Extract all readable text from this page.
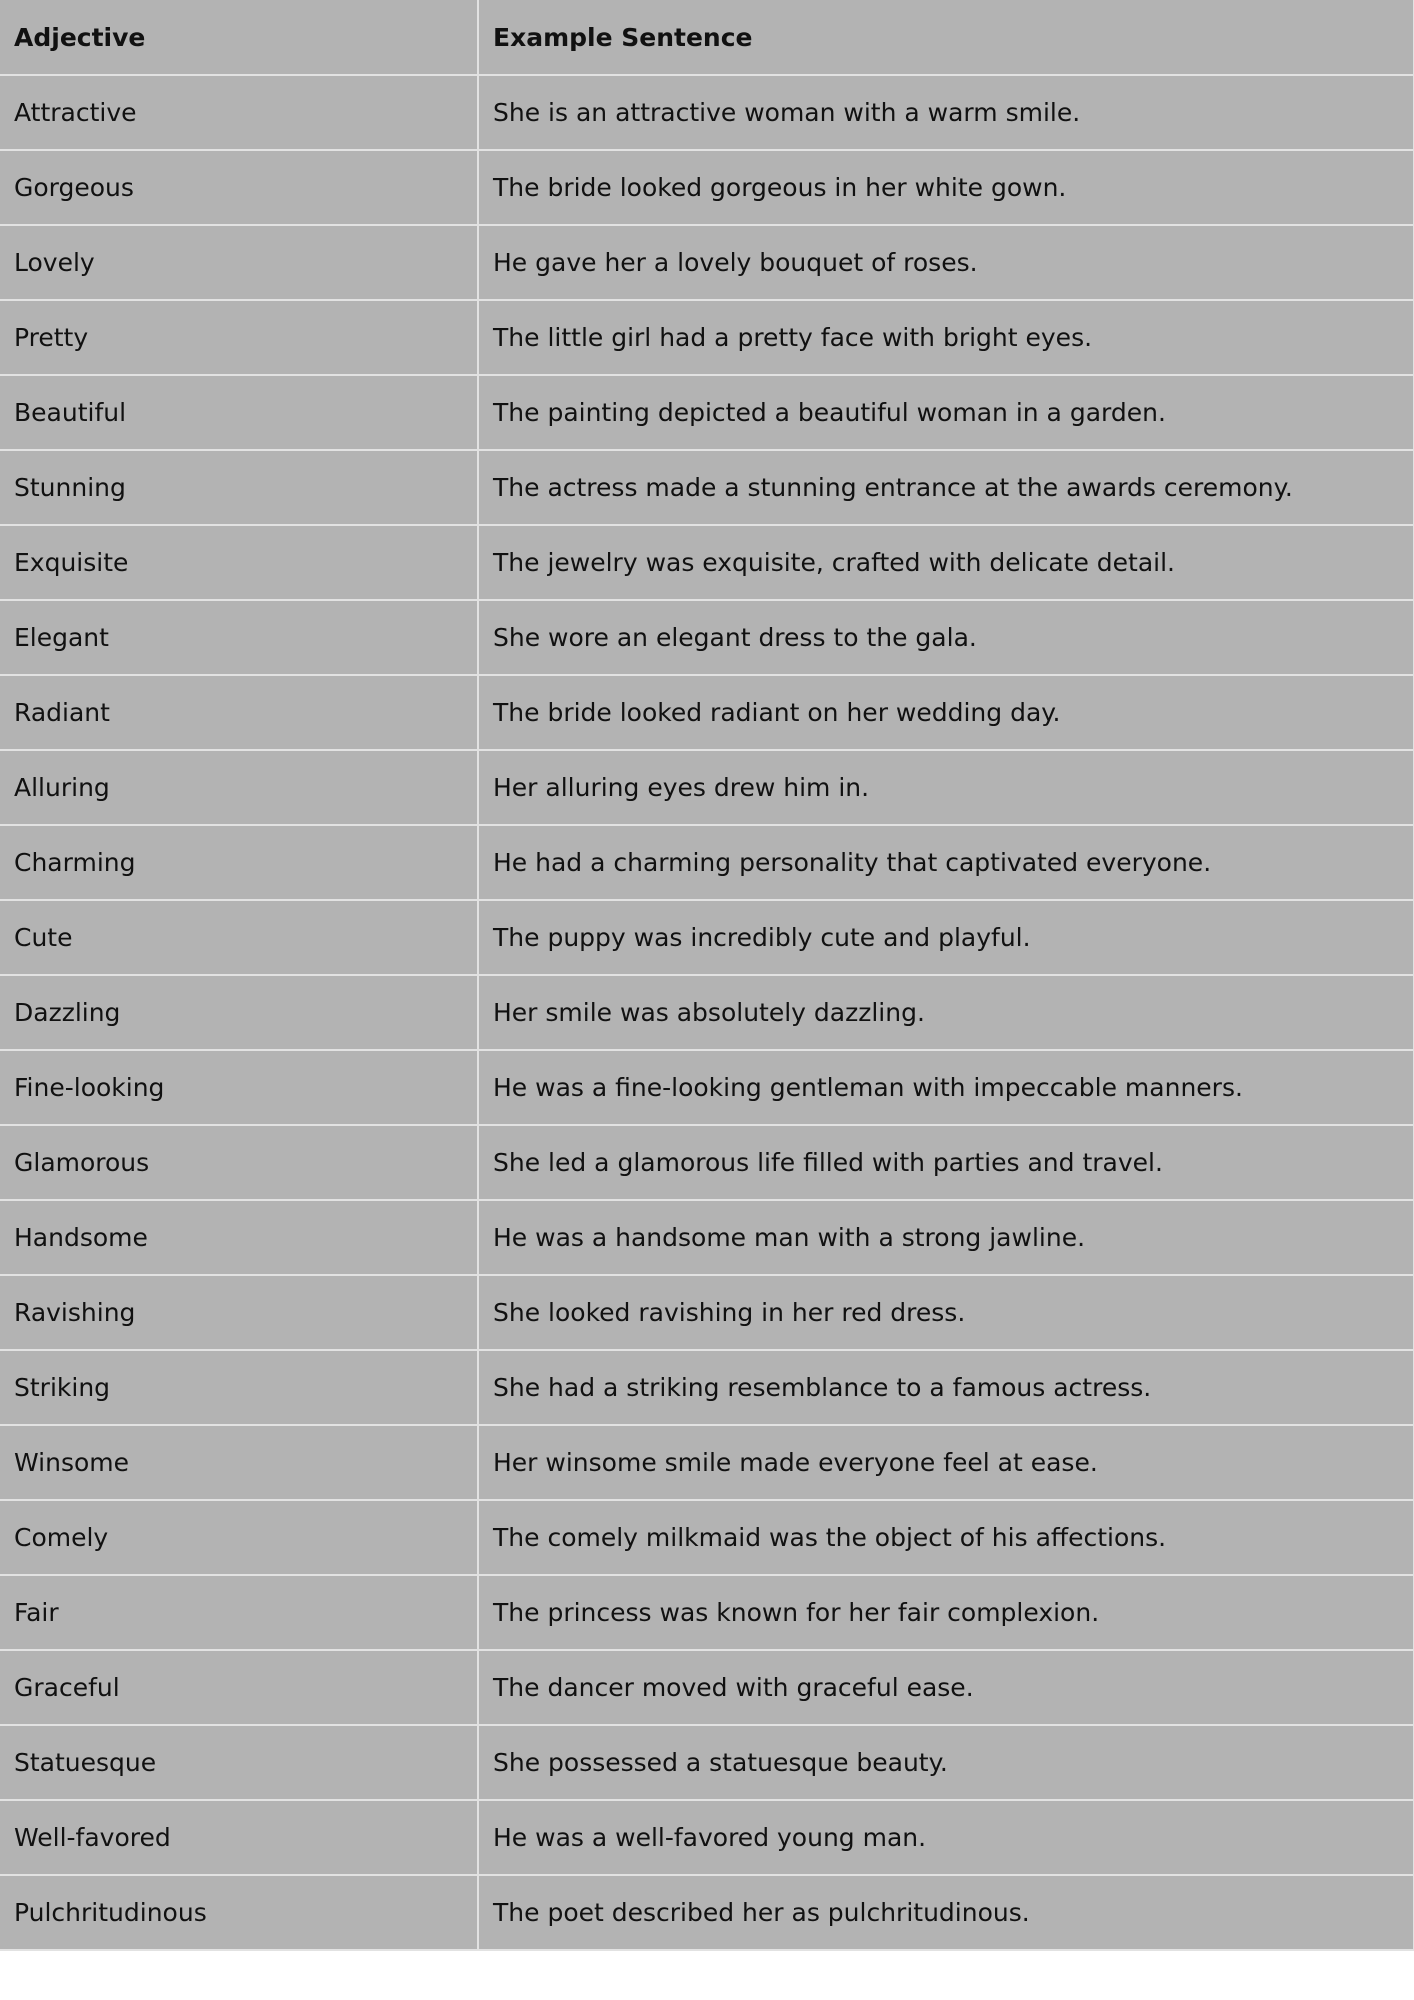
Adjective	Example Sentence
Attractive	She is an attractive woman with a warm smile.
Gorgeous	The bride looked gorgeous in her white gown.
Lovely	He gave her a lovely bouquet of roses.
Pretty	The little girl had a pretty face with bright eyes.
Beautiful	The painting depicted a beautiful woman in a garden.
Stunning	The actress made a stunning entrance at the awards ceremony.
Exquisite	The jewelry was exquisite, crafted with delicate detail.
Elegant	She wore an elegant dress to the gala.
Radiant	The bride looked radiant on her wedding day.
Alluring	Her alluring eyes drew him in.
Charming	He had a charming personality that captivated everyone.
Cute	The puppy was incredibly cute and playful.
Dazzling	Her smile was absolutely dazzling.
Fine-looking	He was a fine-looking gentleman with impeccable manners.
Glamorous	She led a glamorous life filled with parties and travel.
Handsome	He was a handsome man with a strong jawline.
Ravishing	She looked ravishing in her red dress.
Striking	She had a striking resemblance to a famous actress.
Winsome	Her winsome smile made everyone feel at ease.
Comely	The comely milkmaid was the object of his affections.
Fair	The princess was known for her fair complexion.
Graceful	The dancer moved with graceful ease.
Statuesque	She possessed a statuesque beauty.
Well-favored	He was a well-favored young man.
Pulchritudinous	The poet described her as pulchritudinous.
